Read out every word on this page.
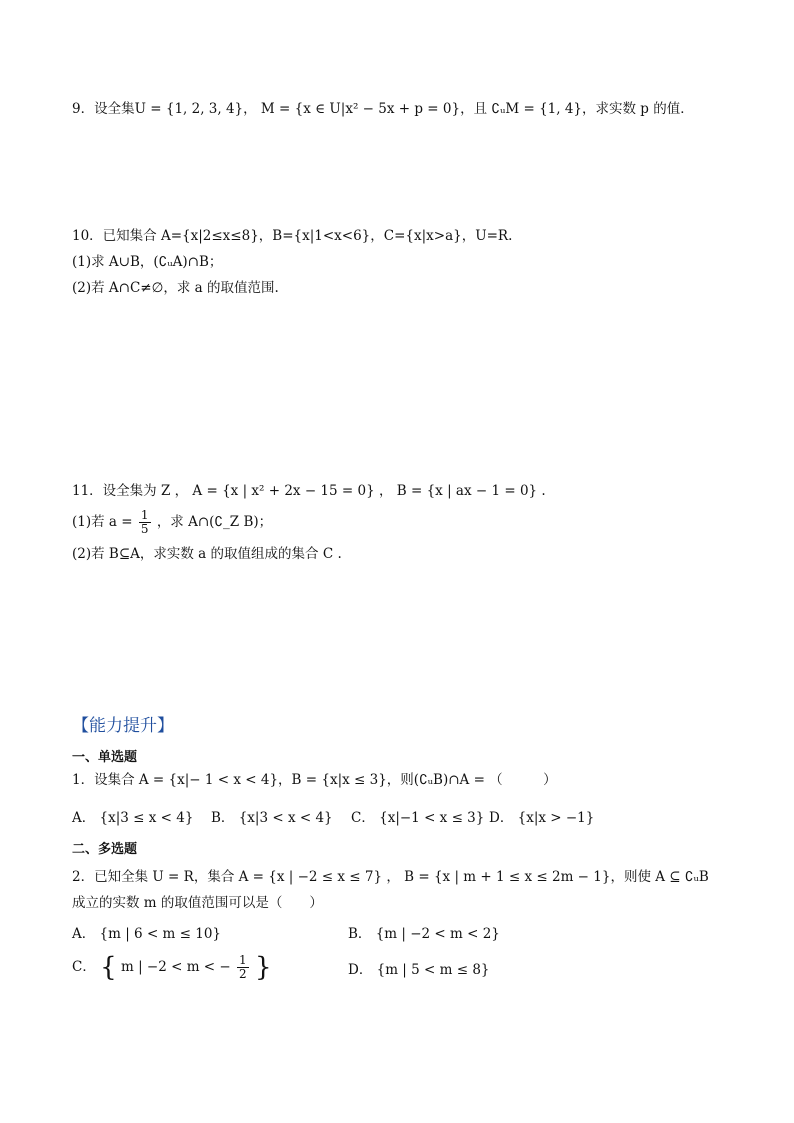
9．设全集U = {1, 2, 3, 4}， M = {x ∈ U|x² − 5x + p = 0}，且 ∁ᵤM = {1, 4}，求实数 p 的值．
10．已知集合 A={x|2≤x≤8}，B={x|1<x<6}，C={x|x>a}，U=R.
(1)求 A∪B，(∁ᵤA)∩B；
(2)若 A∩C≠∅，求 a 的取值范围.
11．设全集为 Z ， A = {x | x² + 2x − 15 = 0} ， B = {x | ax − 1 = 0} .
(1)若 $a = \frac{1}{5}$ ，求 A∩(∁_Z B)；
(2)若 B⊆A，求实数 a 的取值组成的集合 C .
【能力提升】
一、单选题
1．设集合 A = {x|− 1 < x < 4}，B = {x|x ≤ 3}，则(∁ᵤB)∩A = （　　　）
A． {x|3 ≤ x < 4}	B． {x|3 < x < 4}	C． {x|−1 < x ≤ 3} D． {x|x > −1}
二、多选题
2．已知全集 U = R，集合 A = {x | −2 ≤ x ≤ 7} ， B = {x | m + 1 ≤ x ≤ 2m − 1}，则使 A ⊆ ∁ᵤB 成立的实数 m 的取值范围可以是（　　）
A． {m | 6 < m ≤ 10}	B． {m | −2 < m < 2}
C． { m | −2 < m < − $\frac{1}{2}$ }	D． {m | 5 < m ≤ 8}
